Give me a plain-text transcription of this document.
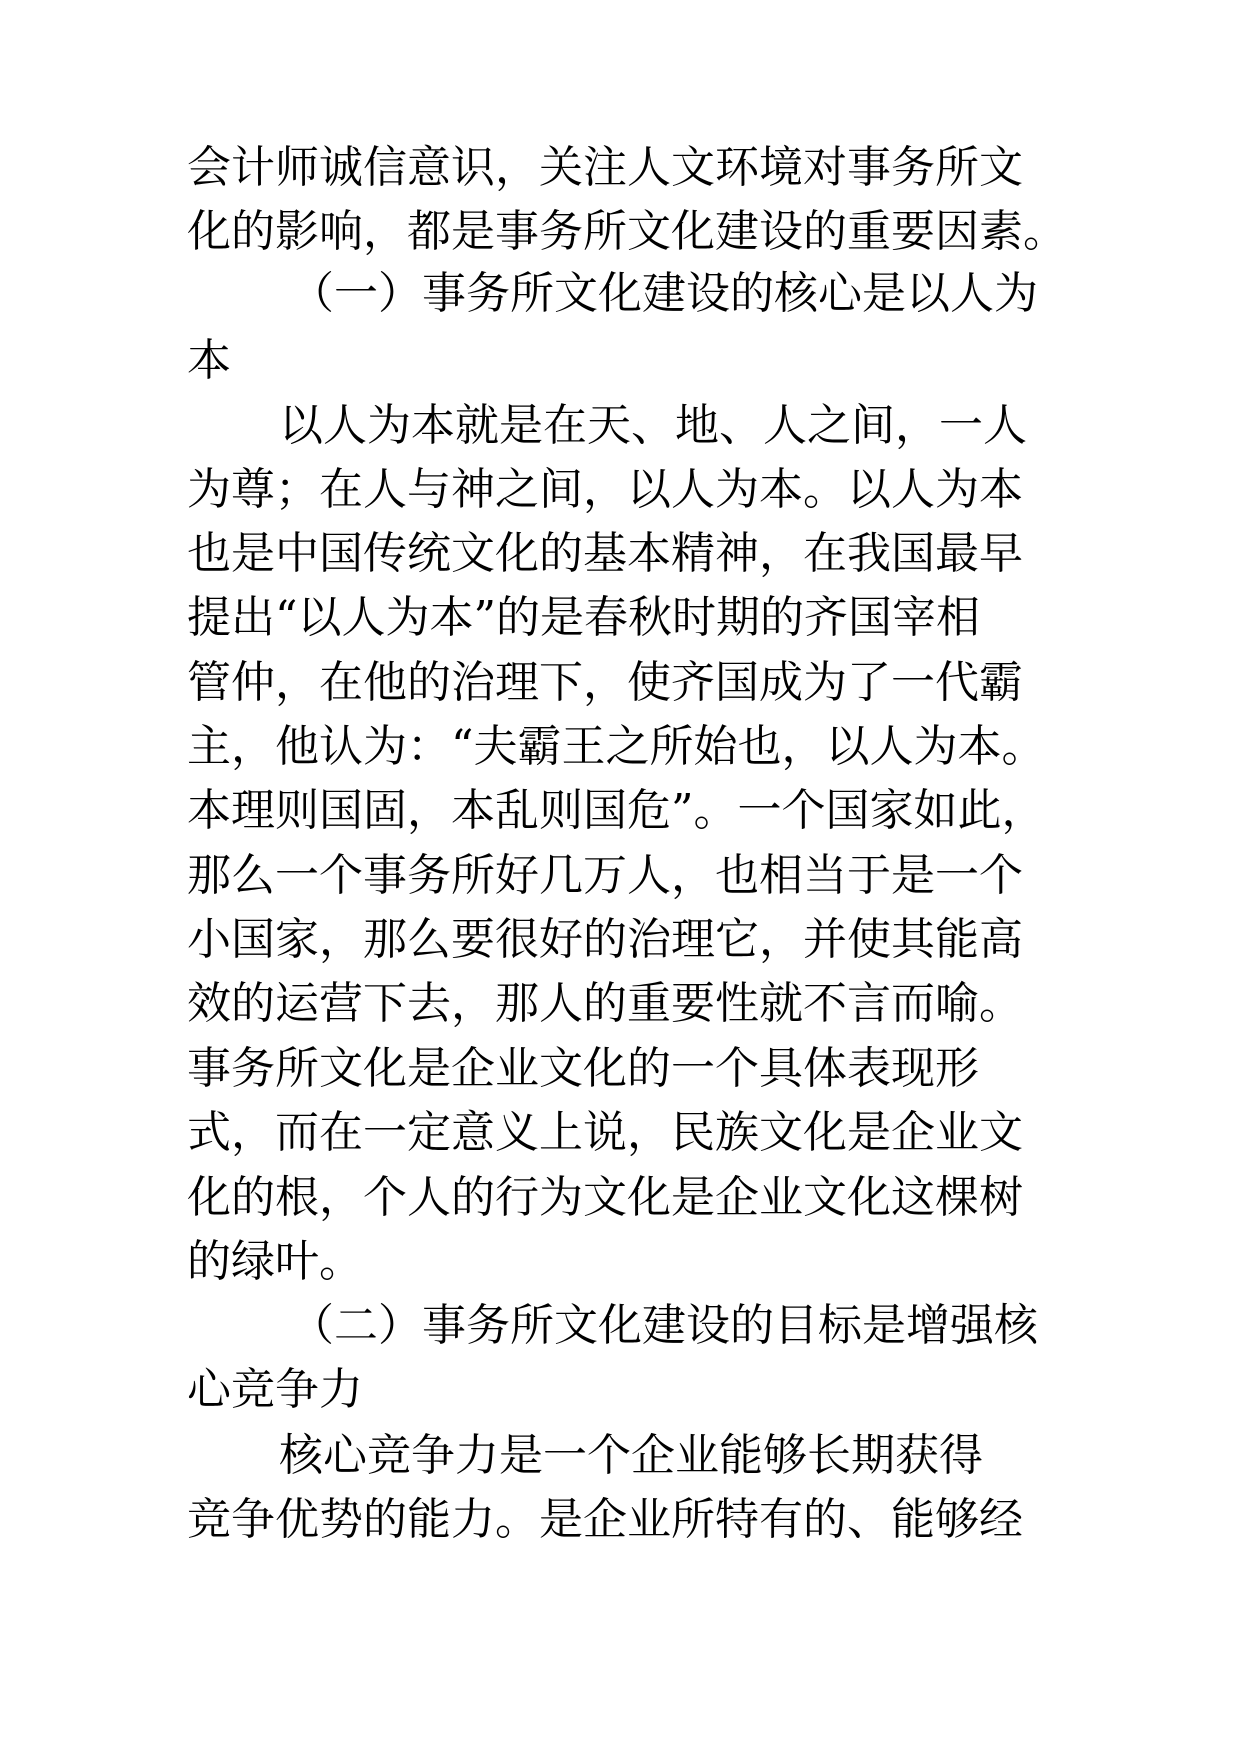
会计师诚信意识，关注人文环境对事务所文

化的影响，都是事务所文化建设的重要因素。

（一）事务所文化建设的核心是以人为

本

以人为本就是在天、地、人之间，一人

为尊；在人与神之间，以人为本。以人为本

也是中国传统文化的基本精神，在我国最早

提出“以人为本”的是春秋时期的齐国宰相

管仲，在他的治理下，使齐国成为了一代霸

主，他认为：“夫霸王之所始也，以人为本。

本理则国固，本乱则国危”。一个国家如此，

那么一个事务所好几万人，也相当于是一个

小国家，那么要很好的治理它，并使其能高

效的运营下去，那人的重要性就不言而喻。

事务所文化是企业文化的一个具体表现形

式，而在一定意义上说，民族文化是企业文

化的根，个人的行为文化是企业文化这棵树

的绿叶。

（二）事务所文化建设的目标是增强核

心竞争力

核心竞争力是一个企业能够长期获得

竞争优势的能力。是企业所特有的、能够经
